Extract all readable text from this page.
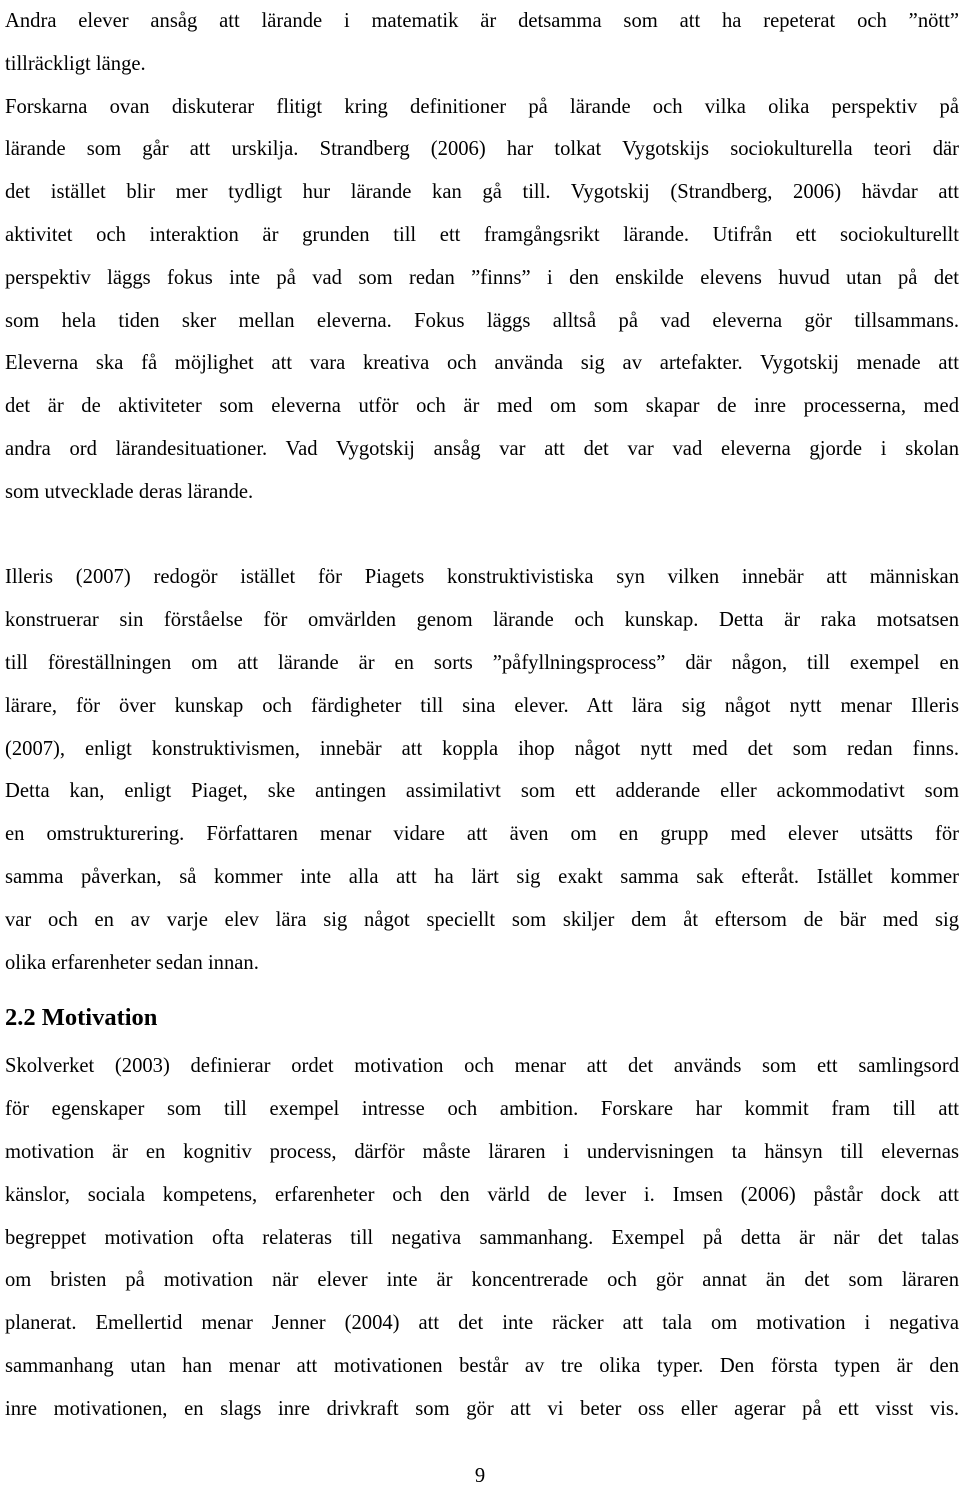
Andra elever ansåg att lärande i matematik är detsamma som att ha repeterat och ”nött”
tillräckligt länge.
Forskarna ovan diskuterar flitigt kring definitioner på lärande och vilka olika perspektiv på
lärande som går att urskilja. Strandberg (2006) har tolkat Vygotskijs sociokulturella teori där
det istället blir mer tydligt hur lärande kan gå till. Vygotskij (Strandberg, 2006) hävdar att
aktivitet och interaktion är grunden till ett framgångsrikt lärande. Utifrån ett sociokulturellt
perspektiv läggs fokus inte på vad som redan ”finns” i den enskilde elevens huvud utan på det
som hela tiden sker mellan eleverna. Fokus läggs alltså på vad eleverna gör tillsammans.
Eleverna ska få möjlighet att vara kreativa och använda sig av artefakter. Vygotskij menade att
det är de aktiviteter som eleverna utför och är med om som skapar de inre processerna, med
andra ord lärandesituationer. Vad Vygotskij ansåg var att det var vad eleverna gjorde i skolan
som utvecklade deras lärande.
Illeris (2007) redogör istället för Piagets konstruktivistiska syn vilken innebär att människan
konstruerar sin förståelse för omvärlden genom lärande och kunskap. Detta är raka motsatsen
till föreställningen om att lärande är en sorts ”påfyllningsprocess” där någon, till exempel en
lärare, för över kunskap och färdigheter till sina elever. Att lära sig något nytt menar Illeris
(2007), enligt konstruktivismen, innebär att koppla ihop något nytt med det som redan finns.
Detta kan, enligt Piaget, ske antingen assimilativt som ett adderande eller ackommodativt som
en omstrukturering. Författaren menar vidare att även om en grupp med elever utsätts för
samma påverkan, så kommer inte alla att ha lärt sig exakt samma sak efteråt. Istället kommer
var och en av varje elev lära sig något speciellt som skiljer dem åt eftersom de bär med sig
olika erfarenheter sedan innan.
2.2 Motivation
Skolverket (2003) definierar ordet motivation och menar att det används som ett samlingsord
för egenskaper som till exempel intresse och ambition. Forskare har kommit fram till att
motivation är en kognitiv process, därför måste läraren i undervisningen ta hänsyn till elevernas
känslor, sociala kompetens, erfarenheter och den värld de lever i. Imsen (2006) påstår dock att
begreppet motivation ofta relateras till negativa sammanhang. Exempel på detta är när det talas
om bristen på motivation när elever inte är koncentrerade och gör annat än det som läraren
planerat. Emellertid menar Jenner (2004) att det inte räcker att tala om motivation i negativa
sammanhang utan han menar att motivationen består av tre olika typer. Den första typen är den
inre motivationen, en slags inre drivkraft som gör att vi beter oss eller agerar på ett visst vis.
9
